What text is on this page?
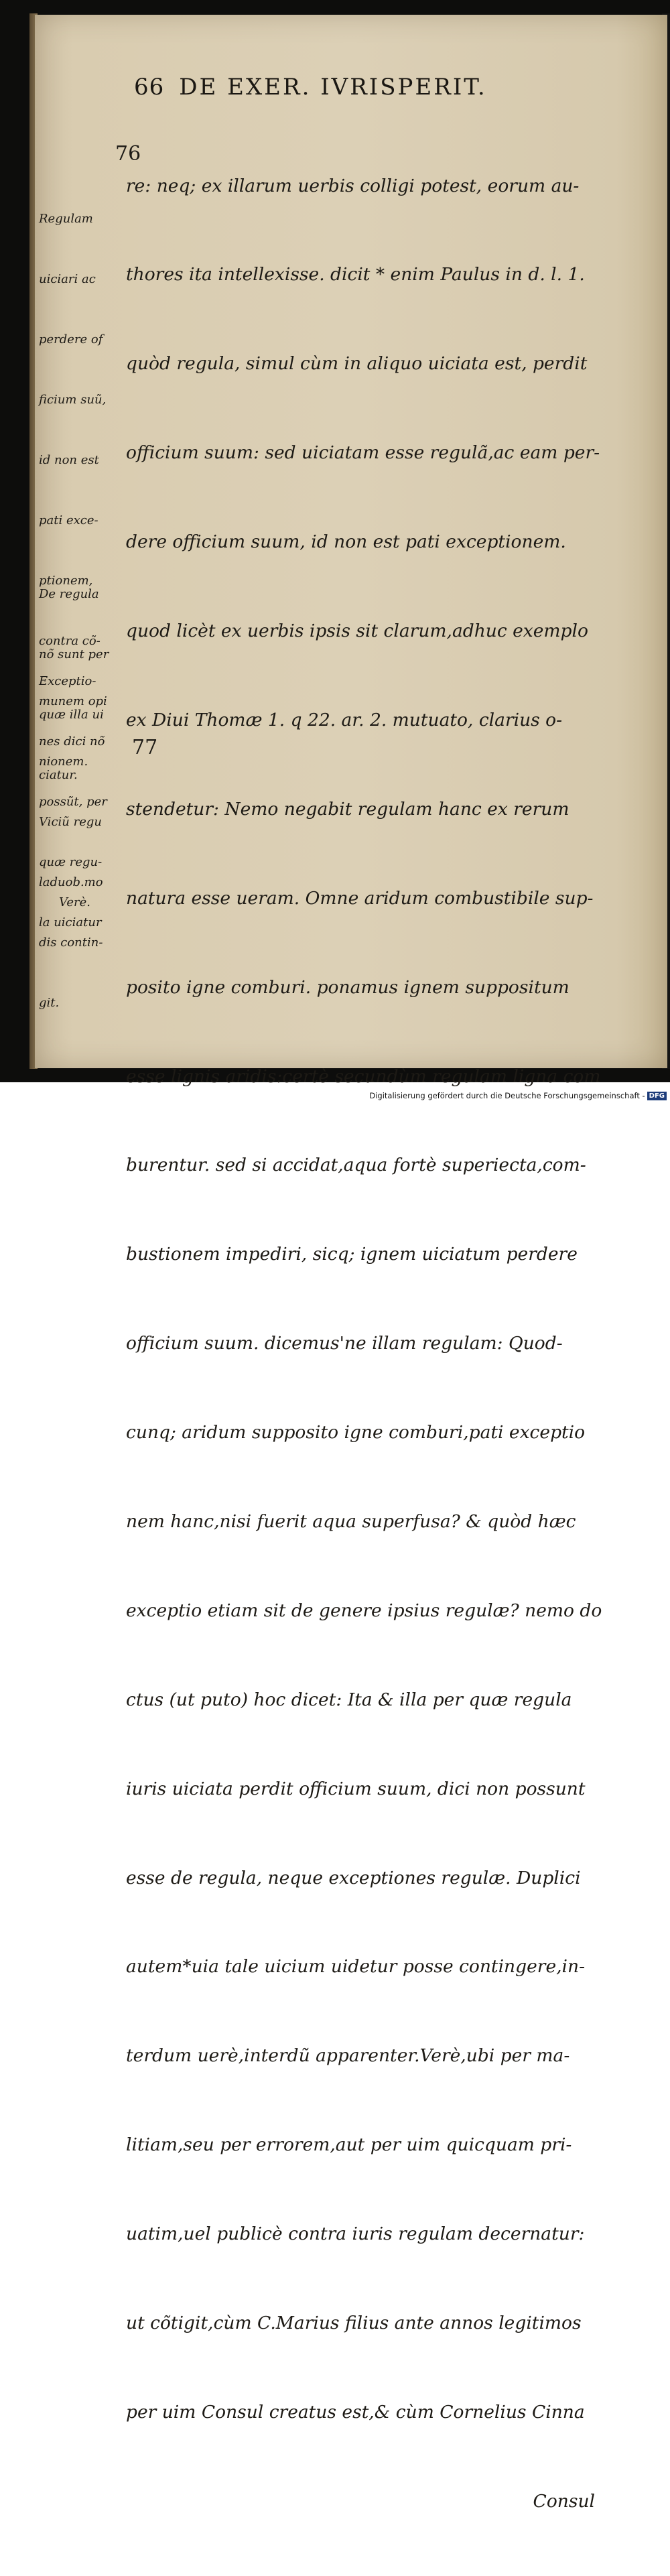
66 DE EXER. IVRISPERIT.

re: neq; ex illarum uerbis colligi potest, eorum au-

thores ita intellexisse. dicit * enim Paulus in d. l. 1.

quòd regula, simul cùm in aliquo uiciata est, perdit

officium suum: sed uiciatam esse regulã,ac eam per-

dere officium suum, id non est pati exceptionem.

quod licèt ex uerbis ipsis sit clarum,adhuc exemplo

ex Diui Thomæ 1. q 22. ar. 2. mutuato, clarius o-

stendetur: Nemo negabit regulam hanc ex rerum

natura esse ueram. Omne aridum combustibile sup-

posito igne comburi. ponamus ignem suppositum

esse lignis aridis:certè secundùm regulam ligna com

burentur. sed si accidat,aqua fortè superiecta,com-

bustionem impediri, sicq; ignem uiciatum perdere

officium suum. dicemus'ne illam regulam: Quod-

cunq; aridum supposito igne comburi,pati exceptio

nem hanc,nisi fuerit aqua superfusa? & quòd hæc

exceptio etiam sit de genere ipsius regulæ? nemo do

ctus (ut puto) hoc dicet: Ita & illa per quæ regula

iuris uiciata perdit officium suum, dici non possunt

esse de regula, neque exceptiones regulæ. Duplici

autem*uia tale uicium uidetur posse contingere,in-

terdum uerè,interdũ apparenter.Verè,ubi per ma-

litiam,seu per errorem,aut per uim quicquam pri-

uatim,uel publicè contra iuris regulam decernatur:

ut cõtigit,cùm C.Marius filius ante annos legitimos

per uim Consul creatus est,& cùm Cornelius Cinna

Consul

76
77

Regulam

uiciari ac

perdere of

ficium suũ,

id non est

pati exce-

ptionem,

contra cõ-

munem opi

nionem.

De regula

nõ sunt per

quæ illa ui

ciatur.

Exceptio-

nes dici nõ

possũt, per

quæ regu-

la uiciatur

Viciũ regu

laduob.mo

dis contin-

git.

Verè.

Digitalisierung gefördert durch die Deutsche Forschungsgemeinschaft - DFG
